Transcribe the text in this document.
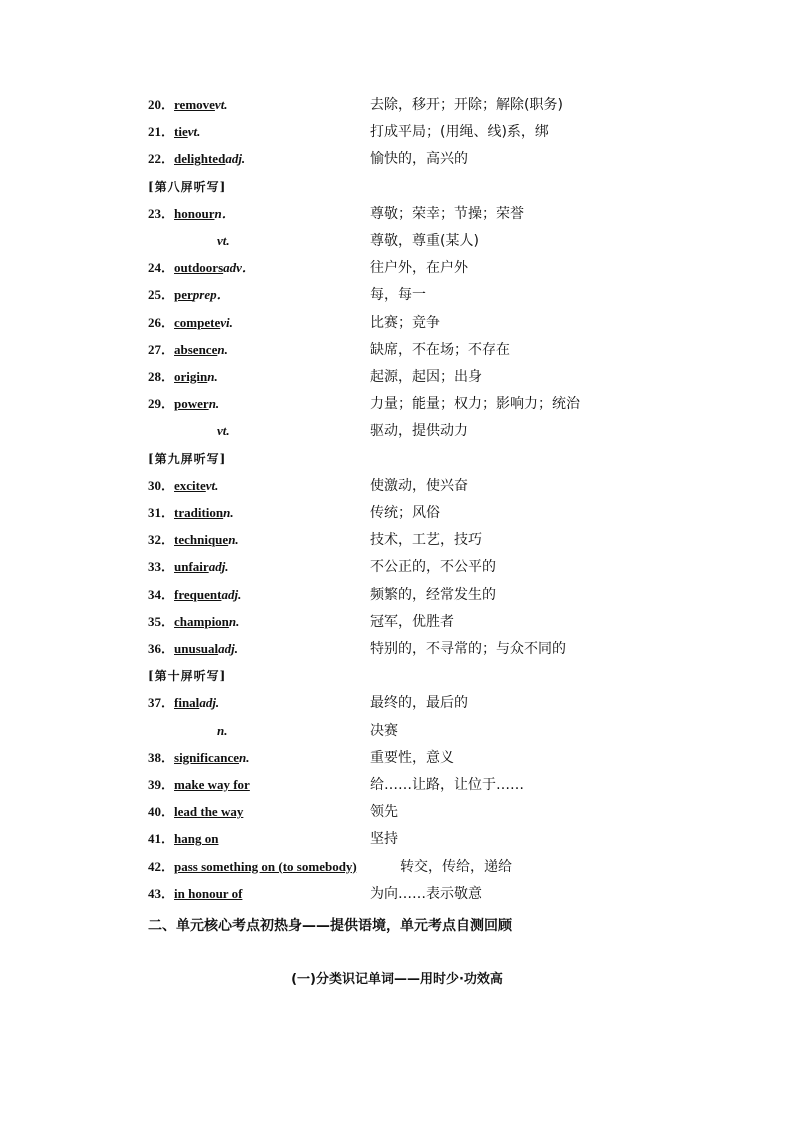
20．removevt.	去除，移开；开除；解除(职务)
21．tievt.	打成平局；(用绳、线)系，绑
22．delightedadj.	愉快的，高兴的
[第八屏听写]
23．honourn．	尊敬；荣幸；节操；荣誉
vt.	尊敬，尊重(某人)
24．outdoorsadv．	往户外，在户外
25．perprep．	每，每一
26．competevi.	比赛；竞争
27．absencen.	缺席，不在场；不存在
28．originn.	起源，起因；出身
29．powern.	力量；能量；权力；影响力；统治
vt.	驱动，提供动力
[第九屏听写]
30．excitevt.	使激动，使兴奋
31．traditionn.	传统；风俗
32．techniquen.	技术，工艺，技巧
33．unfairadj.	不公正的，不公平的
34．frequentadj.	频繁的，经常发生的
35．championn.	冠军，优胜者
36．unusualadj.	特别的，不寻常的；与众不同的
[第十屏听写]
37．finaladj.	最终的，最后的
n.	决赛
38．significancen.	重要性，意义
39．make way for	给……让路，让位于……
40．lead the way	领先
41．hang on	坚持
42．pass something on (to somebody)	转交，传给，递给
43．in honour of	为向……表示敬意
二、单元核心考点初热身——提供语境，单元考点自测回顾
(一)分类识记单词——用时少·功效高
